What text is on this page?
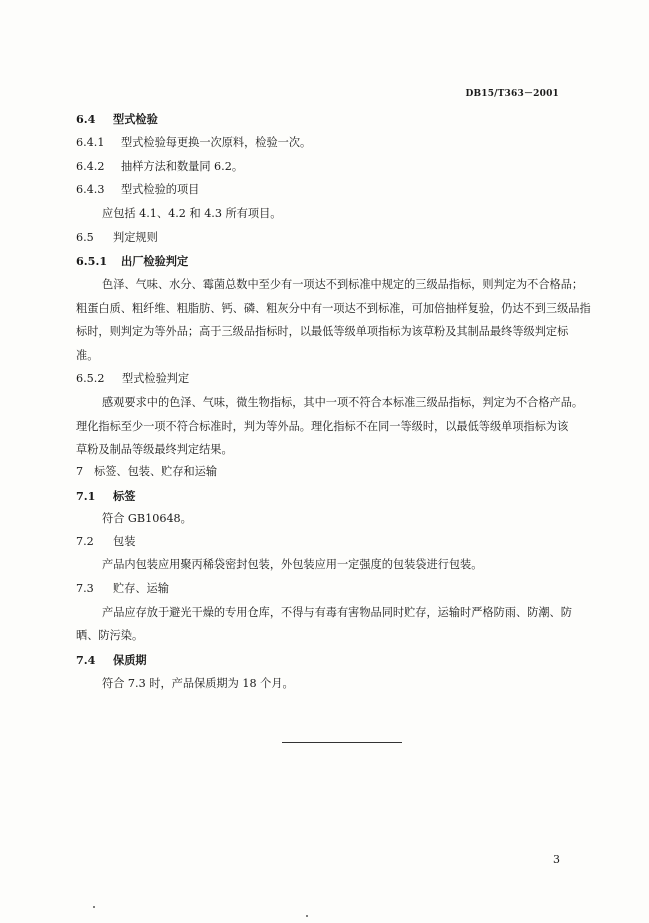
DB15/T363－2001
6.4 型式检验
6.4.1 型式检验每更换一次原料，检验一次。
6.4.2 抽样方法和数量同 6.2。
6.4.3 型式检验的项目
应包括 4.1、4.2 和 4.3 所有项目。
6.5 判定规则
6.5.1 出厂检验判定
色泽、气味、水分、霉菌总数中至少有一项达不到标准中规定的三级品指标，则判定为不合格品；
粗蛋白质、粗纤维、粗脂肪、钙、磷、粗灰分中有一项达不到标准，可加倍抽样复验，仍达不到三级品指
标时，则判定为等外品；高于三级品指标时，以最低等级单项指标为该草粉及其制品最终等级判定标
准。
6.5.2 型式检验判定
感观要求中的色泽、气味，微生物指标，其中一项不符合本标准三级品指标，判定为不合格产品。
理化指标至少一项不符合标准时，判为等外品。理化指标不在同一等级时，以最低等级单项指标为该
草粉及制品等级最终判定结果。
7 标签、包装、贮存和运输
7.1 标签
符合 GB10648。
7.2 包装
产品内包装应用聚丙稀袋密封包装，外包装应用一定强度的包装袋进行包装。
7.3 贮存、运输
产品应存放于避光干燥的专用仓库，不得与有毒有害物品同时贮存，运输时严格防雨、防潮、防
晒、防污染。
7.4 保质期
符合 7.3 时，产品保质期为 18 个月。
3
